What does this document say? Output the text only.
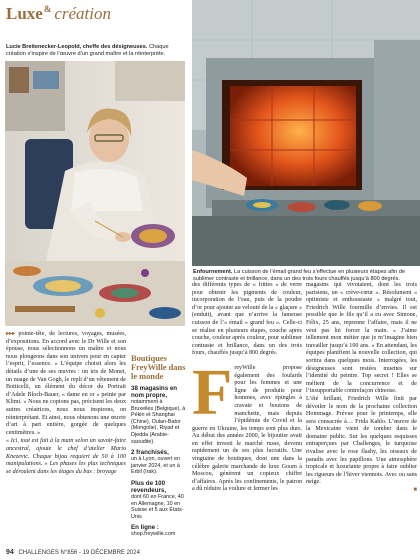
Luxe& création
Lucie Breitenecker-Leopold, cheffe des désigneuses. Chaque création s’inspire de l’œuvre d’un grand maître et la réinterprète.
Enfournement. La cuisson de l’émail grand feu s’effectue en plusieurs étapes afin de sublimer contraste et brillance, dans un des trois fours chauffés jusqu’à 800 degrés.

▸▸▸ pointe-tête, de lectures, voyages, musées, d’expositions. En accord avec le Dr Wille et son épouse, nous sélectionnons un maître et nous nous plongeons dans son univers pour en capter l’esprit, l’essence. » L’équipe choisit alors les détails d’une de ses œuvres : un iris de Monet, un nuage de Van Gogh, le repli d’un vêtement de Botticelli, un élément du décor du Portrait d’Adele Bloch-Bauer, « dame en or » peinte par Klimt. « Nous ne copions pas, précisent les deux autres créatrices, nous nous inspirons, on réinterprétant. Et ainsi, nous obtenons une œuvre d’art à part entière, gorgée de quelques centimètres. »

« Ici, tout est fait à la main selon un savoir-faire ancestral, ajoute le chef d’atelier Mario Knezevic. Chaque bijou requiert de 50 à 100 manipulations. » Les phases les plus techniques se déroulent dans les étages du bas : broyage

Boutiques FreyWille dans le monde
38 magasins en nom propre,
notamment à Bruxelles (Belgique), à Pékin et Shanghai (Chine), Oulan-Bator (Mongolie), Riyad et Djedda (Arabie-saoudite).
2 franchisés,
un à Lyon, ouvert en janvier 2024, et un à Erbil (Irak).
Plus de 100 revendeurs,
dont 60 en France, 40 en Allemagne, 10 en Suisse et 5 aux États-Unis
En ligne :
shop.freywille.com

des différents types de « frittes » de verre pour obtenir les pigments de couleur, incorporation de l’eau, puis de la poudre d’or pour ajouter au velouté de la « glaçure » (enduit), avant que n’arrive la fameuse cuisson de l’« émail » grand feu ». Celle-ci se réalise en plusieurs étapes, couche après couche, couleur après couleur, pour sublimer contraste et brillance, dans un des trois fours, chauffés jusqu’à 800 degrés.

FreyWille propose également des foulards pour les femmes et une ligne de produits pour hommes, avec épingles à cravate et boutons de manchette, mais depuis l’épidémie de Covid et la guerre en Ukraine, les temps sont plus durs. Au début des années 2000, le bijoutier avait en effet investi le marché russe, devenu rapidement un de ses plus lucratifs. Une vingtaine de boutiques, dont une dans la célèbre galerie marchande de luxe Goum à Moscou, génèrent un copieux chiffre d’affaires. Après les confinements, le patron a dû réduire la voilure et fermer les

magasins qui vivotaient, dont les trois parisiens, un « crève-cœur ». Résolument « optimiste et enthousiaste » malgré tout, Friedrich Wille fourmille d’envies. Il est possible que le fils qu’il a eu avec Simone, Félix, 25 ans, reprenne l’affaire, mais il ne veut pas lui forcer la main. « J’aime tellement mon métier que je m’imagine bien travailler jusqu’à 100 ans. » En attendant, les équipes planifient la nouvelle collection, qui sortira dans quelques mois. Interrogées, les désigneuses sont restées muettes sur l’identité du peintre. Top secret ! Elles se méfient de la concurrence et de l’insupportable contrefaçon chinoise.

L’été brillant, Friedrich Wille finit par dévoiler le nom de la prochaine collection Hommage. Prévue pour le printemps, elle sera consacrée à… Frida Kahlo. L’œuvre de la Mexicaine vient de tomber dans le domaine public. Sur les quelques esquisses entraperçues par Challenges, le turquoise rivalise avec le rose flashy, les oiseaux de paradis avec les papillons. Une atmosphère tropicale et luxuriante propre à faire oublier les rigueurs de l’hiver viennois. Avec ou sans neige.

■

94 CHALLENGES N°856 - 19 DÉCEMBRE 2024
